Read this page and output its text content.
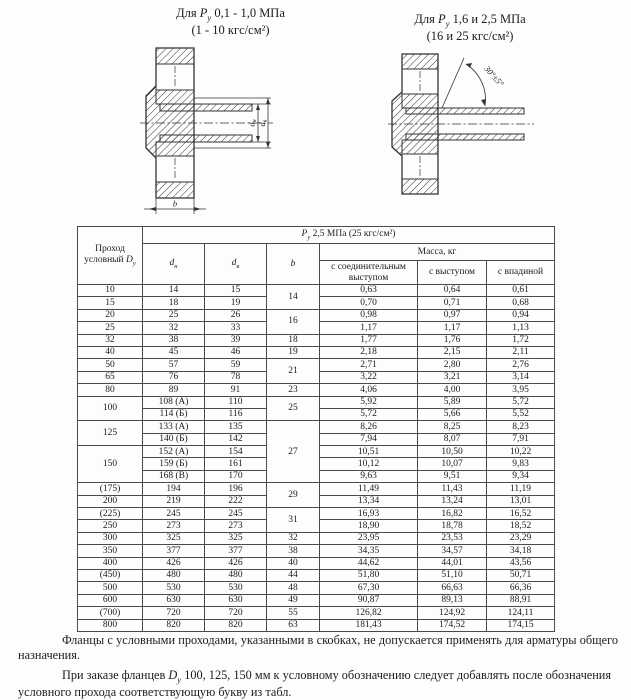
Для $Р_у$ 0,1 - 1,0 МПа
(1 - 10 кгс/см²)
Для $Р_у$ 1,6 и 2,5 МПа
(16 и 25 кгс/см²)
dн
dв
b
30°±5°
Проход условный $D_у$	$Р_у$ 2,5 МПа (25 кгс/см²)					
	$d_н$	$d_в$	b	Масса, кг		
				с соединительным выступом	с выступом	с впадиной
10	14	15	14	0,63	0,64	0,61
15	18	19		0,70	0,71	0,68
20	25	26	16	0,98	0,97	0,94
25	32	33		1,17	1,17	1,13
32	38	39	18	1,77	1,76	1,72
40	45	46	19	2,18	2,15	2,11
50	57	59	21	2,71	2,80	2,76
65	76	78		3,22	3,21	3,14
80	89	91	23	4,06	4,00	3,95
100	108 (А)	110	25	5,92	5,89	5,72
	114 (Б)	116		5,72	5,66	5,52
125	133 (А)	135	27	8,26	8,25	8,23
	140 (Б)	142		7,94	8,07	7,91
150	152 (А)	154		10,51	10,50	10,22
	159 (Б)	161		10,12	10,07	9,83
	168 (В)	170		9,63	9,51	9,34
(175)	194	196	29	11,49	11,43	11,19
200	219	222		13,34	13,24	13,01
(225)	245	245	31	16,93	16,82	16,52
250	273	273		18,90	18,78	18,52
300	325	325	32	23,95	23,53	23,29
350	377	377	38	34,35	34,57	34,18
400	426	426	40	44,62	44,01	43,56
(450)	480	480	44	51,80	51,10	50,71
500	530	530	48	67,30	66,63	66,36
600	630	630	49	90,87	89,13	88,91
(700)	720	720	55	126,82	124,92	124,11
800	820	820	63	181,43	174,52	174,15

Фланцы с условными проходами, указанными в скобках, не допускается применять для арматуры общего назначения.

При заказе фланцев $D_у$ 100, 125, 150 мм к условному обозначению следует добавлять после обозначения условного прохода соответствующую букву из табл.
